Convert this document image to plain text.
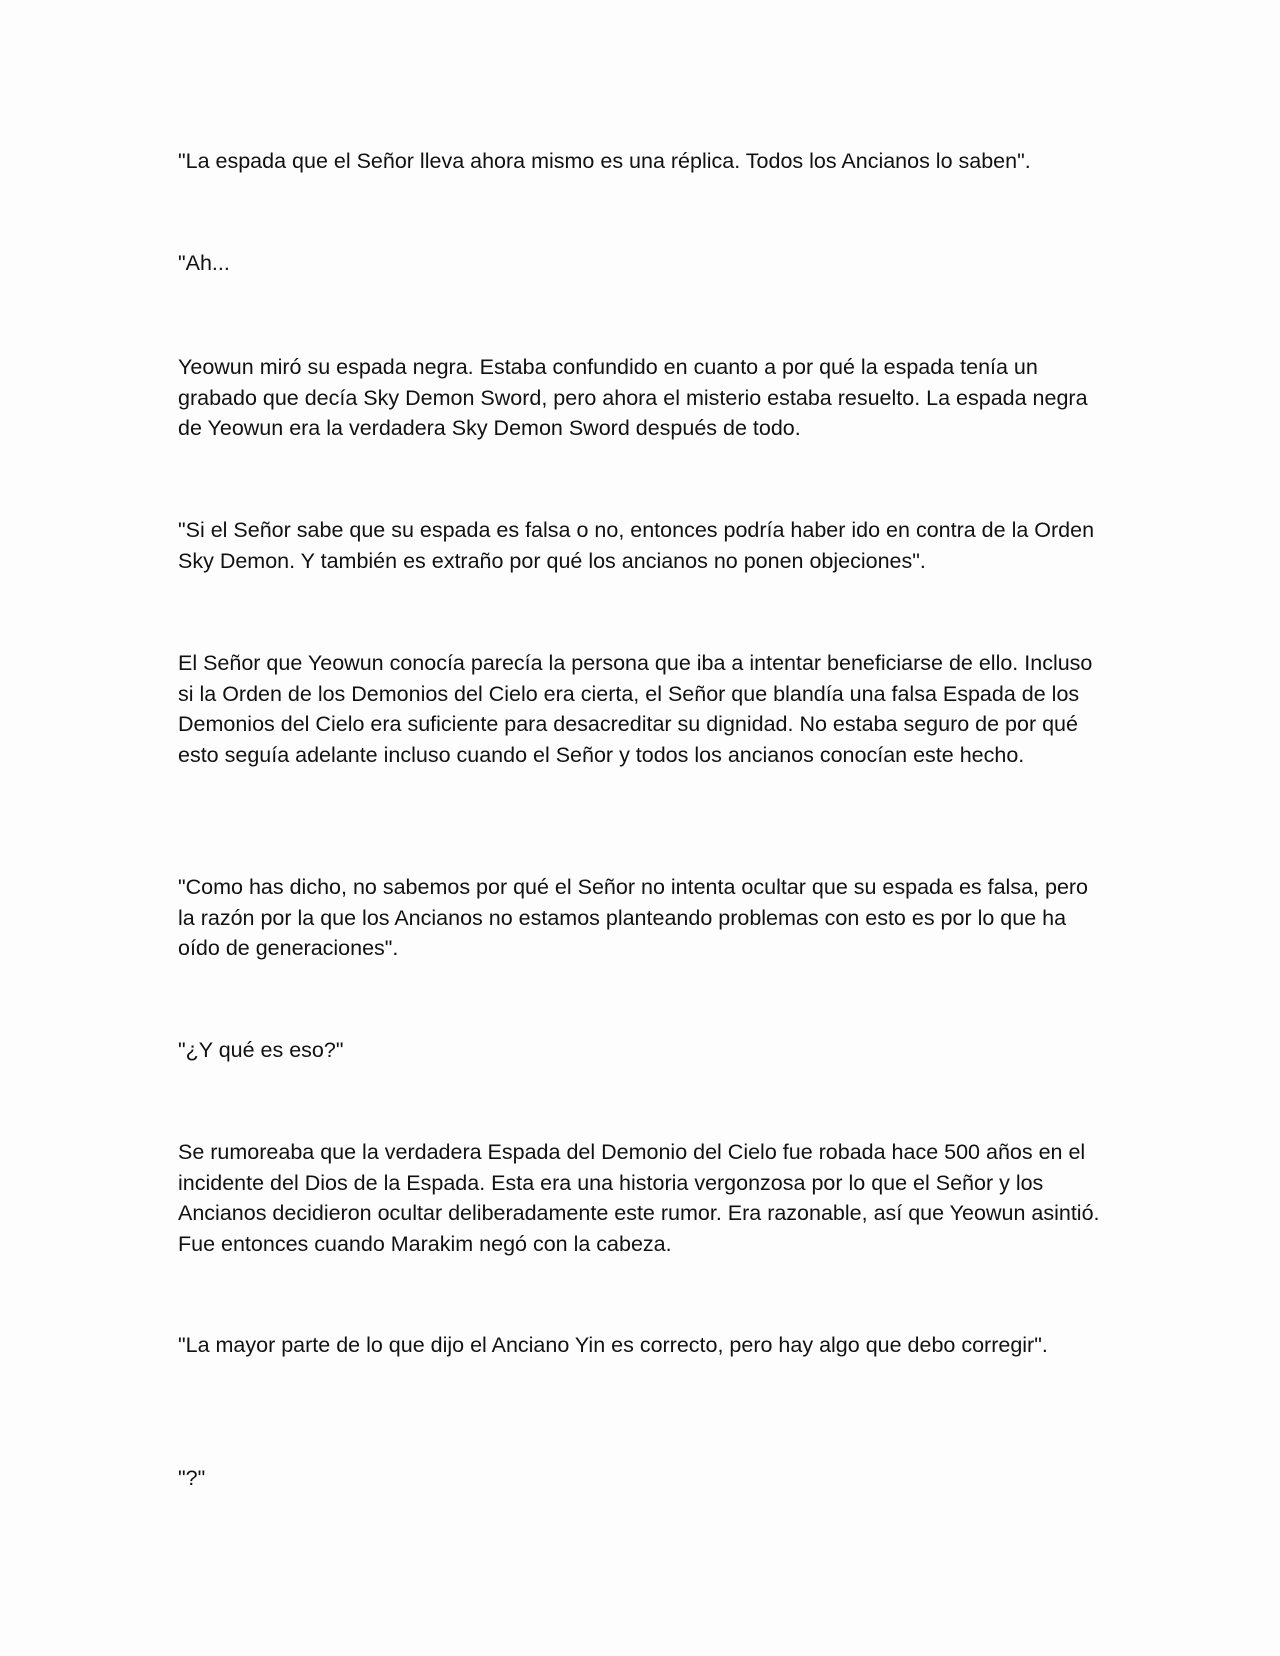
"La espada que el Señor lleva ahora mismo es una réplica. Todos los Ancianos lo saben".

"Ah...

Yeowun miró su espada negra. Estaba confundido en cuanto a por qué la espada tenía un grabado que decía Sky Demon Sword, pero ahora el misterio estaba resuelto. La espada negra de Yeowun era la verdadera Sky Demon Sword después de todo.

"Si el Señor sabe que su espada es falsa o no, entonces podría haber ido en contra de la Orden Sky Demon. Y también es extraño por qué los ancianos no ponen objeciones".

El Señor que Yeowun conocía parecía la persona que iba a intentar beneficiarse de ello. Incluso si la Orden de los Demonios del Cielo era cierta, el Señor que blandía una falsa Espada de los Demonios del Cielo era suficiente para desacreditar su dignidad. No estaba seguro de por qué esto seguía adelante incluso cuando el Señor y todos los ancianos conocían este hecho.

"Como has dicho, no sabemos por qué el Señor no intenta ocultar que su espada es falsa, pero la razón por la que los Ancianos no estamos planteando problemas con esto es por lo que ha oído de generaciones".

"¿Y qué es eso?"

Se rumoreaba que la verdadera Espada del Demonio del Cielo fue robada hace 500 años en el incidente del Dios de la Espada. Esta era una historia vergonzosa por lo que el Señor y los Ancianos decidieron ocultar deliberadamente este rumor. Era razonable, así que Yeowun asintió. Fue entonces cuando Marakim negó con la cabeza.

"La mayor parte de lo que dijo el Anciano Yin es correcto, pero hay algo que debo corregir".

"?"
